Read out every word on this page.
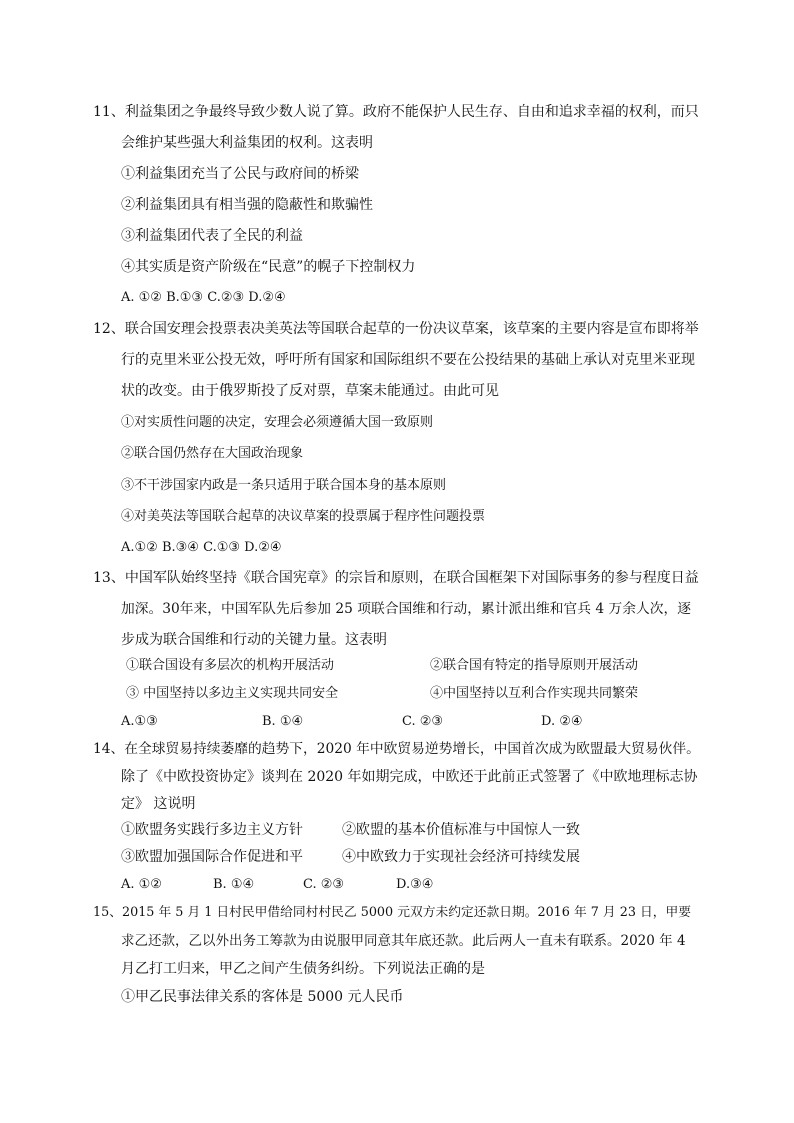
11、利益集团之争最终导致少数人说了算。政府不能保护人民生存、自由和追求幸福的权利，而只
会维护某些强大利益集团的权利。这表明
①利益集团充当了公民与政府间的桥梁
②利益集团具有相当强的隐蔽性和欺骗性
③利益集团代表了全民的利益
④其实质是资产阶级在“民意”的幌子下控制权力
A. ①② B.①③ C.②③ D.②④
12、联合国安理会投票表决美英法等国联合起草的一份决议草案，该草案的主要内容是宣布即将举
行的克里米亚公投无效，呼吁所有国家和国际组织不要在公投结果的基础上承认对克里米亚现
状的改变。由于俄罗斯投了反对票，草案未能通过。由此可见
①对实质性问题的决定，安理会必须遵循大国一致原则
②联合国仍然存在大国政治现象
③不干涉国家内政是一条只适用于联合国本身的基本原则
④对美英法等国联合起草的决议草案的投票属于程序性问题投票
A.①② B.③④ C.①③ D.②④
13、中国军队始终坚持《联合国宪章》的宗旨和原则，在联合国框架下对国际事务的参与程度日益
加深。30年来，中国军队先后参加 25 项联合国维和行动，累计派出维和官兵 4 万余人次，逐
步成为联合国维和行动的关键力量。这表明
①联合国设有多层次的机构开展活动	②联合国有特定的指导原则开展活动
③ 中国坚持以多边主义实现共同安全	④中国坚持以互利合作实现共同繁荣
A.①③	B. ①④	C. ②③	D. ②④
14、在全球贸易持续萎靡的趋势下，2020 年中欧贸易逆势增长，中国首次成为欧盟最大贸易伙伴。
除了《中欧投资协定》谈判在 2020 年如期完成，中欧还于此前正式签署了《中欧地理标志协
定》 这说明
①欧盟务实践行多边主义方针	②欧盟的基本价值标准与中国惊人一致
③欧盟加强国际合作促进和平	④中欧致力于实现社会经济可持续发展
A. ①②	B. ①④	C. ②③	D.③④
15、2015 年 5 月 1 日村民甲借给同村村民乙 5000 元双方未约定还款日期。2016 年 7 月 23 日，甲要
求乙还款，乙以外出务工筹款为由说服甲同意其年底还款。此后两人一直未有联系。2020 年 4
月乙打工归来，甲乙之间产生债务纠纷。下列说法正确的是
①甲乙民事法律关系的客体是 5000 元人民币
